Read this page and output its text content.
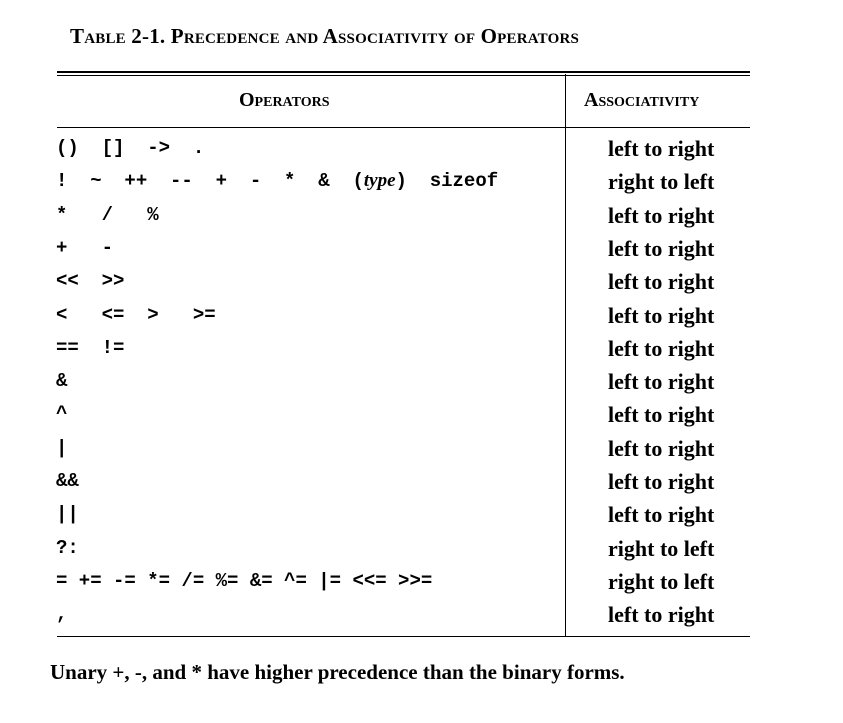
Table 2-1. Precedence and Associativity of Operators
Operators	Associativity
()  []  ->  .	left to right
!  ~  ++  --  +  -  *  &  (type)  sizeof	right to left
*   /   %	left to right
+   -	left to right
<<  >>	left to right
<   <=  >   >=	left to right
==  !=	left to right
&	left to right
^	left to right
|	left to right
&&	left to right
||	left to right
?:	right to left
= += -= *= /= %= &= ^= |= <<= >>=	right to left
,	left to right
Unary +, -, and * have higher precedence than the binary forms.
